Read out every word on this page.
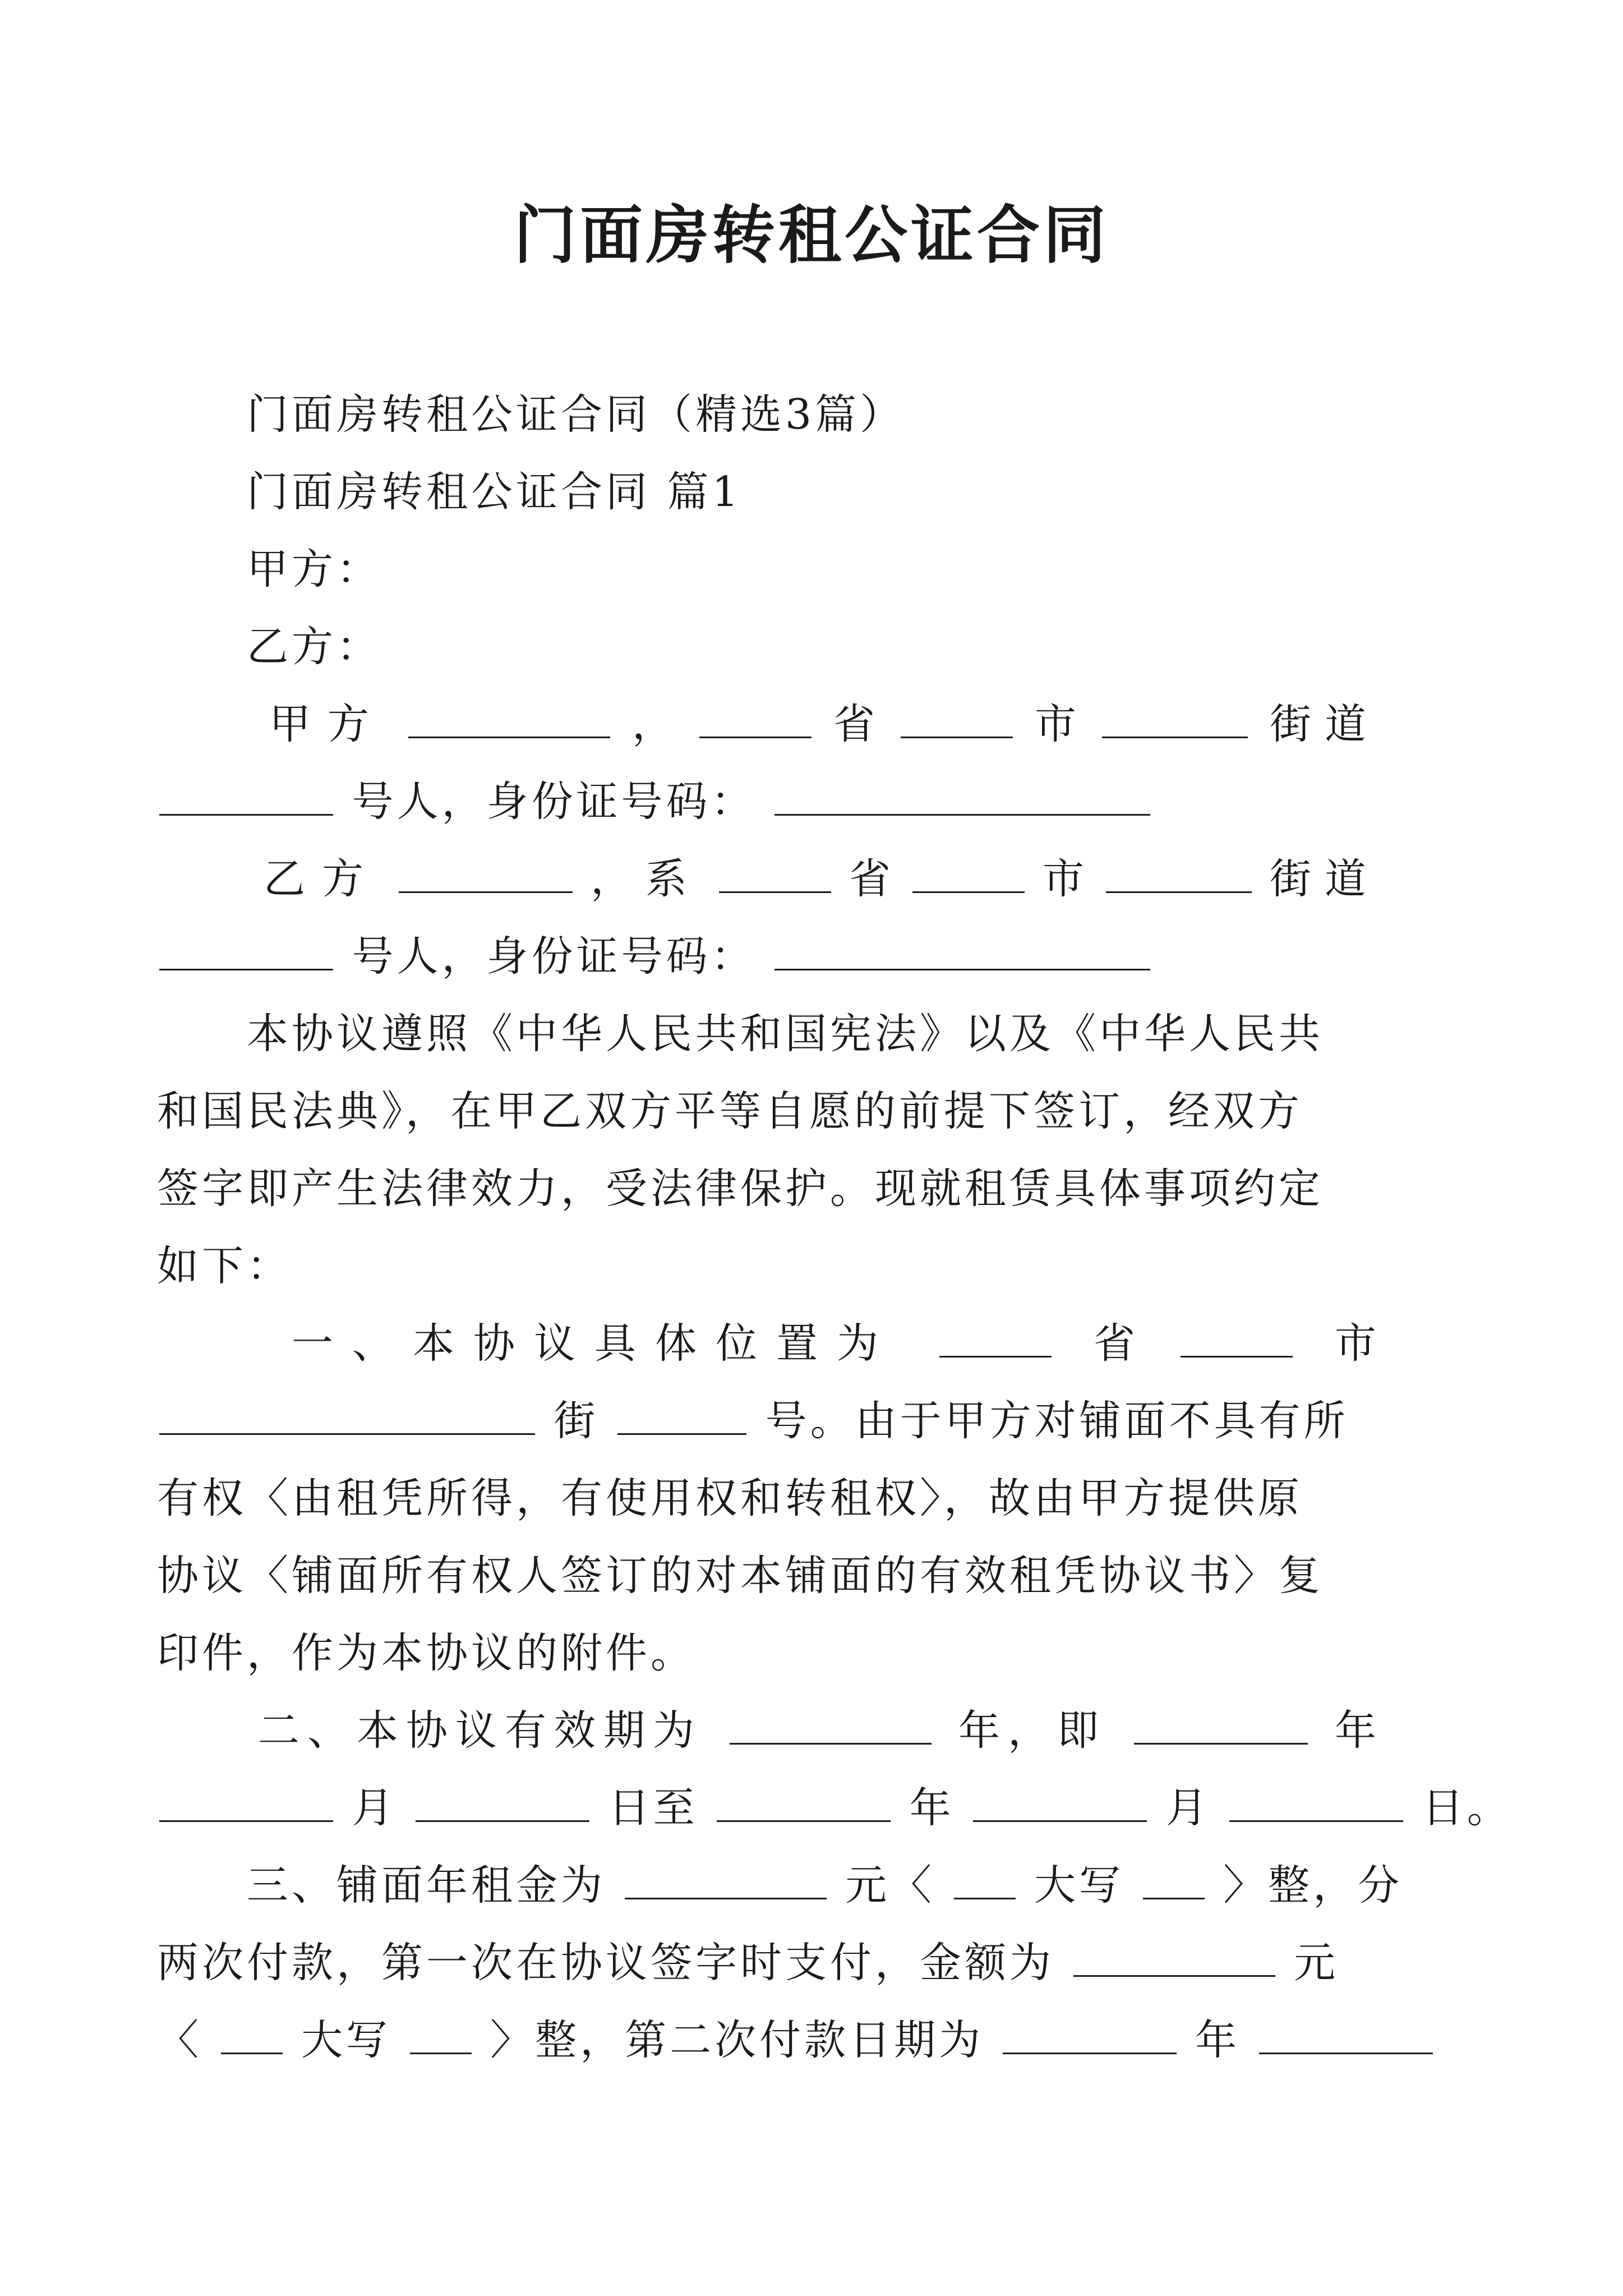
门面房转租公证合同
门面房转租公证合同（精选3篇）
门面房转租公证合同 篇1
甲方：
乙方：
甲方	，	省	市	街道
号人，身份证号码：
乙方	，系	省	市	街道
号人，身份证号码：
本协议遵照《中华人民共和国宪法》以及《中华人民共
和国民法典》，在甲乙双方平等自愿的前提下签订，经双方
签字即产生法律效力，受法律保护。现就租赁具体事项约定
如下：
一、本协议具体位置为	省	市
街	号。由于甲方对铺面不具有所
有权〈由租凭所得，有使用权和转租权〉，故由甲方提供原
协议〈铺面所有权人签订的对本铺面的有效租凭协议书〉复
印件，作为本协议的附件。
二、本协议有效期为	年，即	年
月	日至	年	月	日。
三、铺面年租金为	元〈 大写 〉整，分
两次付款，第一次在协议签字时支付，金额为	元
〈 大写 〉整，第二次付款日期为	年
